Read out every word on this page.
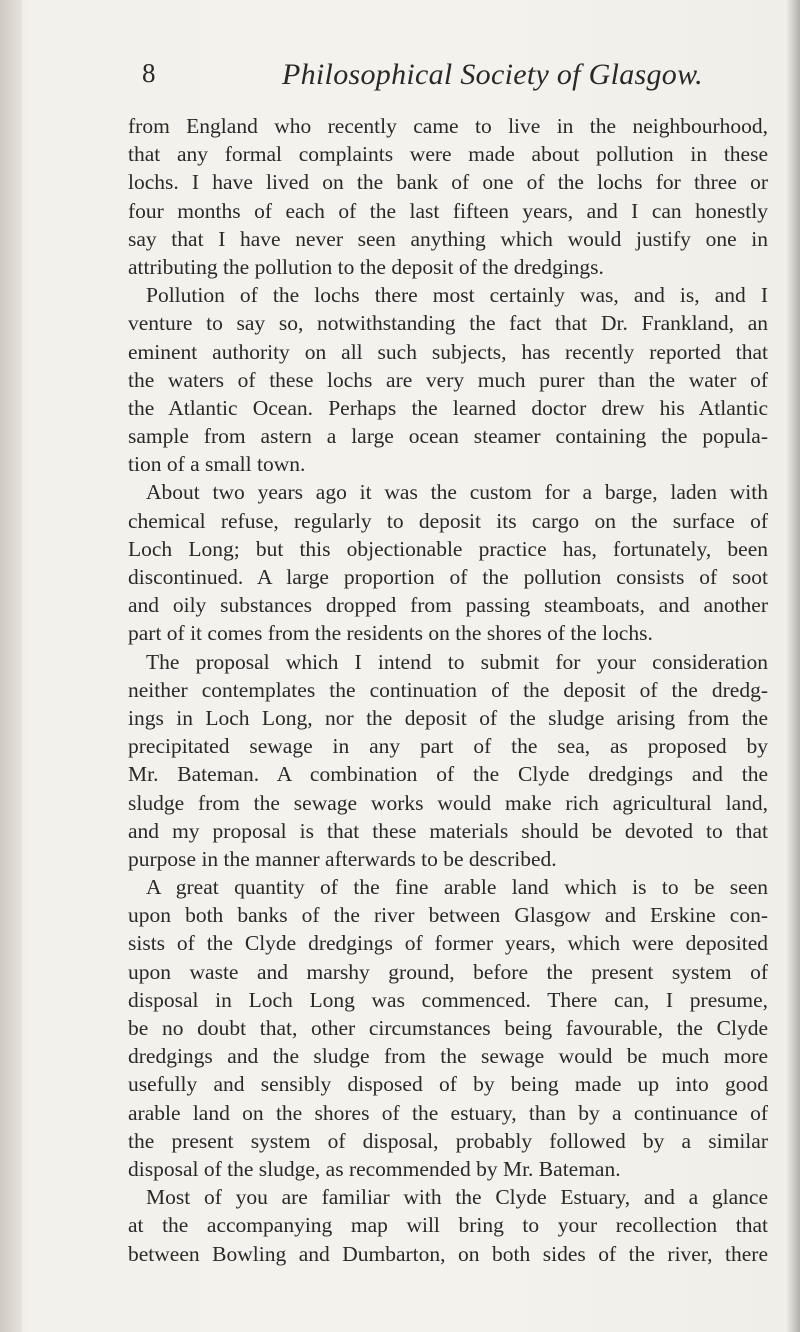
8	Philosophical Society of Glasgow.
from England who recently came to live in the neighbourhood,
that any formal complaints were made about pollution in these
lochs. I have lived on the bank of one of the lochs for three or
four months of each of the last fifteen years, and I can honestly
say that I have never seen anything which would justify one in
attributing the pollution to the deposit of the dredgings.
Pollution of the lochs there most certainly was, and is, and I
venture to say so, notwithstanding the fact that Dr. Frankland, an
eminent authority on all such subjects, has recently reported that
the waters of these lochs are very much purer than the water of
the Atlantic Ocean. Perhaps the learned doctor drew his Atlantic
sample from astern a large ocean steamer containing the popula-
tion of a small town.
About two years ago it was the custom for a barge, laden with
chemical refuse, regularly to deposit its cargo on the surface of
Loch Long; but this objectionable practice has, fortunately, been
discontinued. A large proportion of the pollution consists of soot
and oily substances dropped from passing steamboats, and another
part of it comes from the residents on the shores of the lochs.
The proposal which I intend to submit for your consideration
neither contemplates the continuation of the deposit of the dredg-
ings in Loch Long, nor the deposit of the sludge arising from the
precipitated sewage in any part of the sea, as proposed by
Mr. Bateman. A combination of the Clyde dredgings and the
sludge from the sewage works would make rich agricultural land,
and my proposal is that these materials should be devoted to that
purpose in the manner afterwards to be described.
A great quantity of the fine arable land which is to be seen
upon both banks of the river between Glasgow and Erskine con-
sists of the Clyde dredgings of former years, which were deposited
upon waste and marshy ground, before the present system of
disposal in Loch Long was commenced. There can, I presume,
be no doubt that, other circumstances being favourable, the Clyde
dredgings and the sludge from the sewage would be much more
usefully and sensibly disposed of by being made up into good
arable land on the shores of the estuary, than by a continuance of
the present system of disposal, probably followed by a similar
disposal of the sludge, as recommended by Mr. Bateman.
Most of you are familiar with the Clyde Estuary, and a glance
at the accompanying map will bring to your recollection that
between Bowling and Dumbarton, on both sides of the river, there
